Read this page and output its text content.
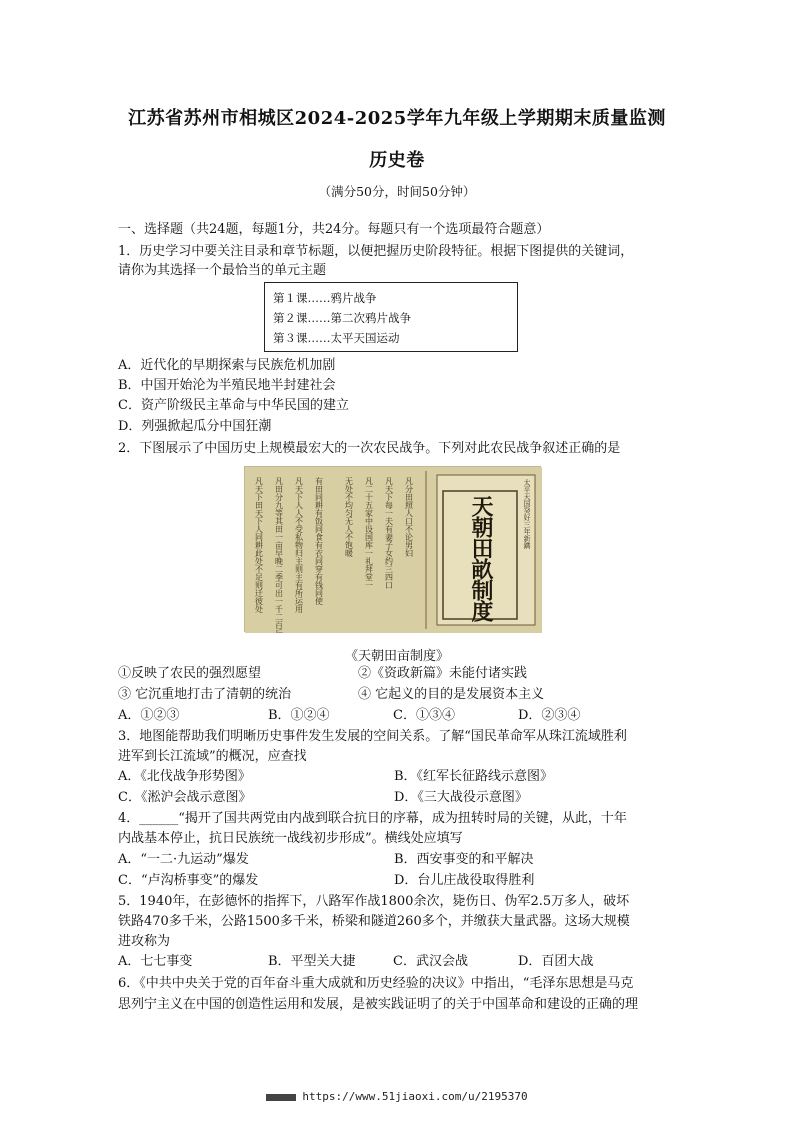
江苏省苏州市相城区2024-2025学年九年级上学期期末质量监测
历史卷
（满分50分，时间50分钟）
一、选择题（共24题，每题1分，共24分。每题只有一个选项最符合题意）
1．历史学习中要关注目录和章节标题，以便把握历史阶段特征。根据下图提供的关键词，
请你为其选择一个最恰当的单元主题
第１课……鸦片战争
第２课……第二次鸦片战争
第３课……太平天国运动
A．近代化的早期探索与民族危机加剧
B．中国开始沦为半殖民地半封建社会
C．资产阶级民主革命与中华民国的建立
D．列强掀起瓜分中国狂潮
2．下图展示了中国历史上规模最宏大的一次农民战争。下列对此农民战争叙述正确的是
凡天下田天下人同耕此处不足则迁彼处 凡田分九等其田一亩早晚二季可出一千二百斤者为尚尚田 凡天下人人不受私物归主则主有所运用 有田同耕有饭同食有衣同穿有钱同使	无处不均匀无人不饱暖 凡二十五家中设国库一礼拜堂一 凡天下每一夫有妻子女约三四口 凡分田照人口不论男妇	太平天国癸好三年新鐫
天朝田畝制度
《天朝田亩制度》
①反映了农民的强烈愿望	②《资政新篇》未能付诸实践
③ 它沉重地打击了清朝的统治	④ 它起义的目的是发展资本主义
A．①②③	B．①②④	C．①③④	D．②③④
3．地图能帮助我们明晰历史事件发生发展的空间关系。了解“国民革命军从珠江流域胜利
进军到长江流域”的概况，应查找
A．《北伐战争形势图》	B．《红军长征路线示意图》
C．《淞沪会战示意图》	D．《三大战役示意图》
4．______“揭开了国共两党由内战到联合抗日的序幕，成为扭转时局的关键，从此，十年
内战基本停止，抗日民族统一战线初步形成”。横线处应填写
A．“一二·九运动”爆发	B．西安事变的和平解决
C．“卢沟桥事变”的爆发	D．台儿庄战役取得胜利
5．1940年，在彭德怀的指挥下，八路军作战1800余次，毙伤日、伪军2.5万多人，破坏
铁路470多千米，公路1500多千米，桥梁和隧道260多个，并缴获大量武器。这场大规模
进攻称为
A．七七事变	B．平型关大捷	C．武汉会战	D．百团大战
6．《中共中央关于党的百年奋斗重大成就和历史经验的决议》中指出，“毛泽东思想是马克
思列宁主义在中国的创造性运用和发展，是被实践证明了的关于中国革命和建设的正确的理
https://www.51jiaoxi.com/u/2195370
